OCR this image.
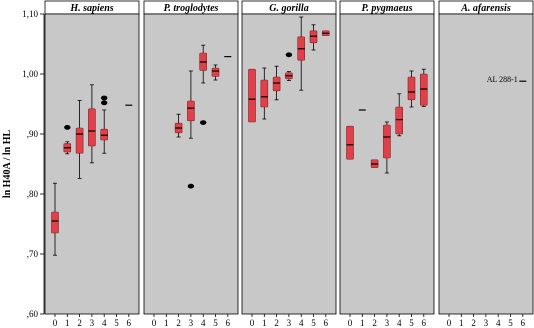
,60
,70
,80
,90
1,00
1,10
ln H40A / ln HL
H. sapiens
0 1 2 3 4 5 6
P. troglodytes
0 1 2 3 4 5 6
G. gorilla
0 1 2 3 4 5 6
P. pygmaeus
0 1 2 3 4 5 6
A. afarensis
0 1 2 3 4 5 6
AL 288-1
